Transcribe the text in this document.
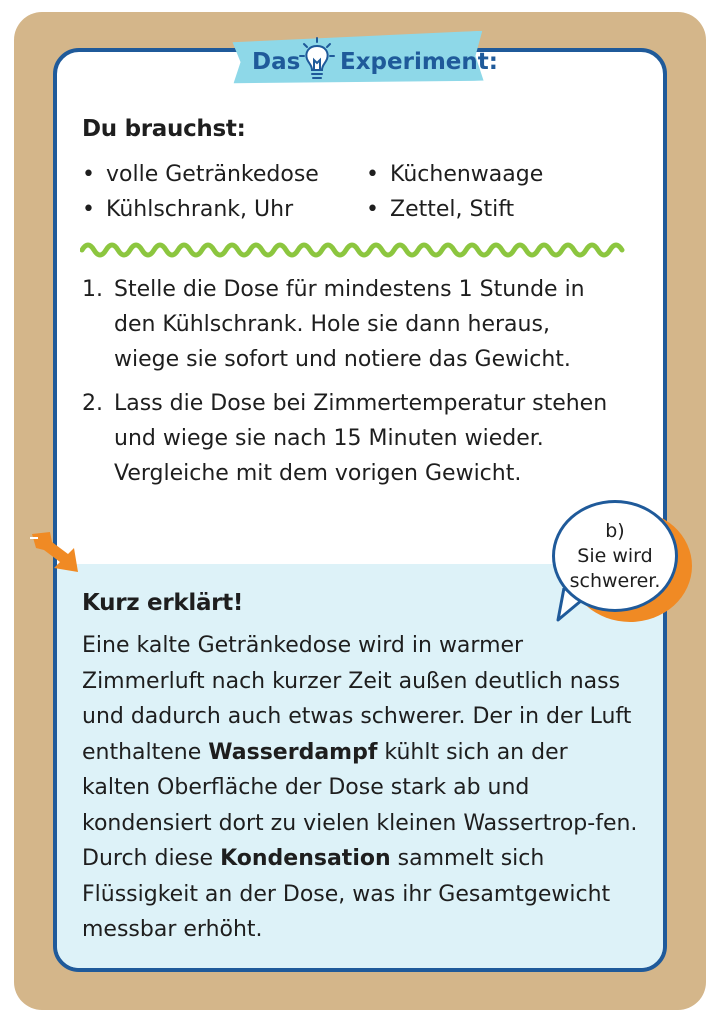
Das Experiment:
Du brauchst:
• volle Getränkedose • Küchenwaage
• Kühlschrank, Uhr	• Zettel, Stift
1. Stelle die Dose für mindestens 1 Stunde in
den Kühlschrank. Hole sie dann heraus,
wiege sie sofort und notiere das Gewicht.
2. Lass die Dose bei Zimmertemperatur stehen
und wiege sie nach 15 Minuten wieder.
Vergleiche mit dem vorigen Gewicht.
b)
Sie wird
schwerer.
Kurz erklärt!
Eine kalte Getränkedose wird in warmer Zimmerluft nach kurzer Zeit außen deutlich nass und dadurch auch etwas schwerer. Der in der Luft enthaltene Wasserdampf kühlt sich an der kalten Oberfläche der Dose stark ab und kondensiert dort zu vielen kleinen Wassertrop-fen. Durch diese Kondensation sammelt sich Flüssigkeit an der Dose, was ihr Gesamtgewicht messbar erhöht.
